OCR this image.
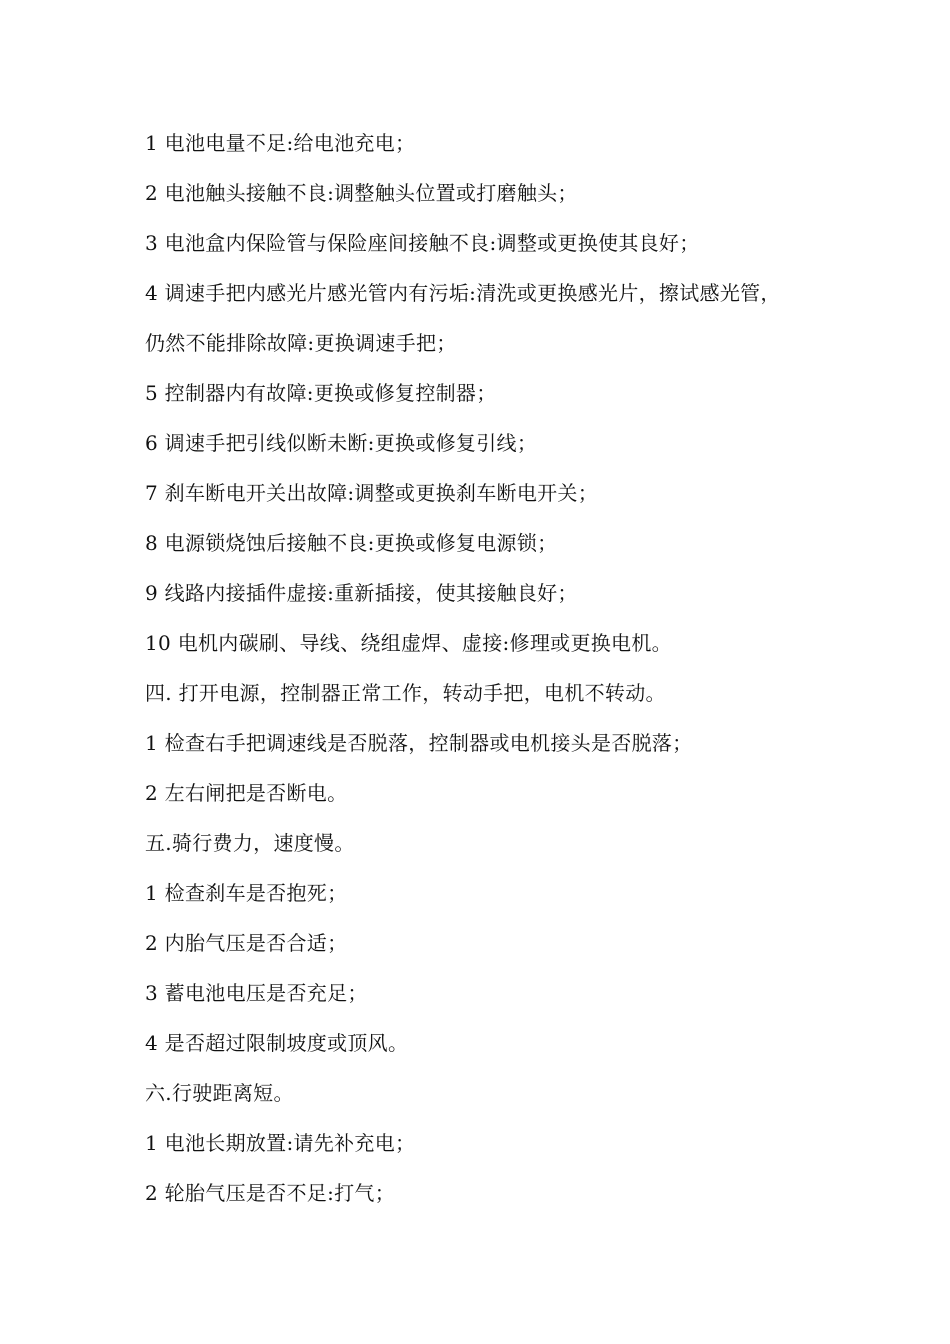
1 电池电量不足:给电池充电；
2 电池触头接触不良:调整触头位置或打磨触头；
3 电池盒内保险管与保险座间接触不良:调整或更换使其良好；
4 调速手把内感光片感光管内有污垢:清洗或更换感光片，擦试感光管，
仍然不能排除故障:更换调速手把；
5 控制器内有故障:更换或修复控制器；
6 调速手把引线似断未断:更换或修复引线；
7 刹车断电开关出故障:调整或更换刹车断电开关；
8 电源锁烧蚀后接触不良:更换或修复电源锁；
9 线路内接插件虚接:重新插接，使其接触良好；
10 电机内碳刷、导线、绕组虚焊、虚接:修理或更换电机。
四. 打开电源，控制器正常工作，转动手把，电机不转动。
1 检查右手把调速线是否脱落，控制器或电机接头是否脱落；
2 左右闸把是否断电。
五.骑行费力，速度慢。
1 检查刹车是否抱死；
2 内胎气压是否合适；
3 蓄电池电压是否充足；
4 是否超过限制坡度或顶风。
六.行驶距离短。
1 电池长期放置:请先补充电；
2 轮胎气压是否不足:打气；
